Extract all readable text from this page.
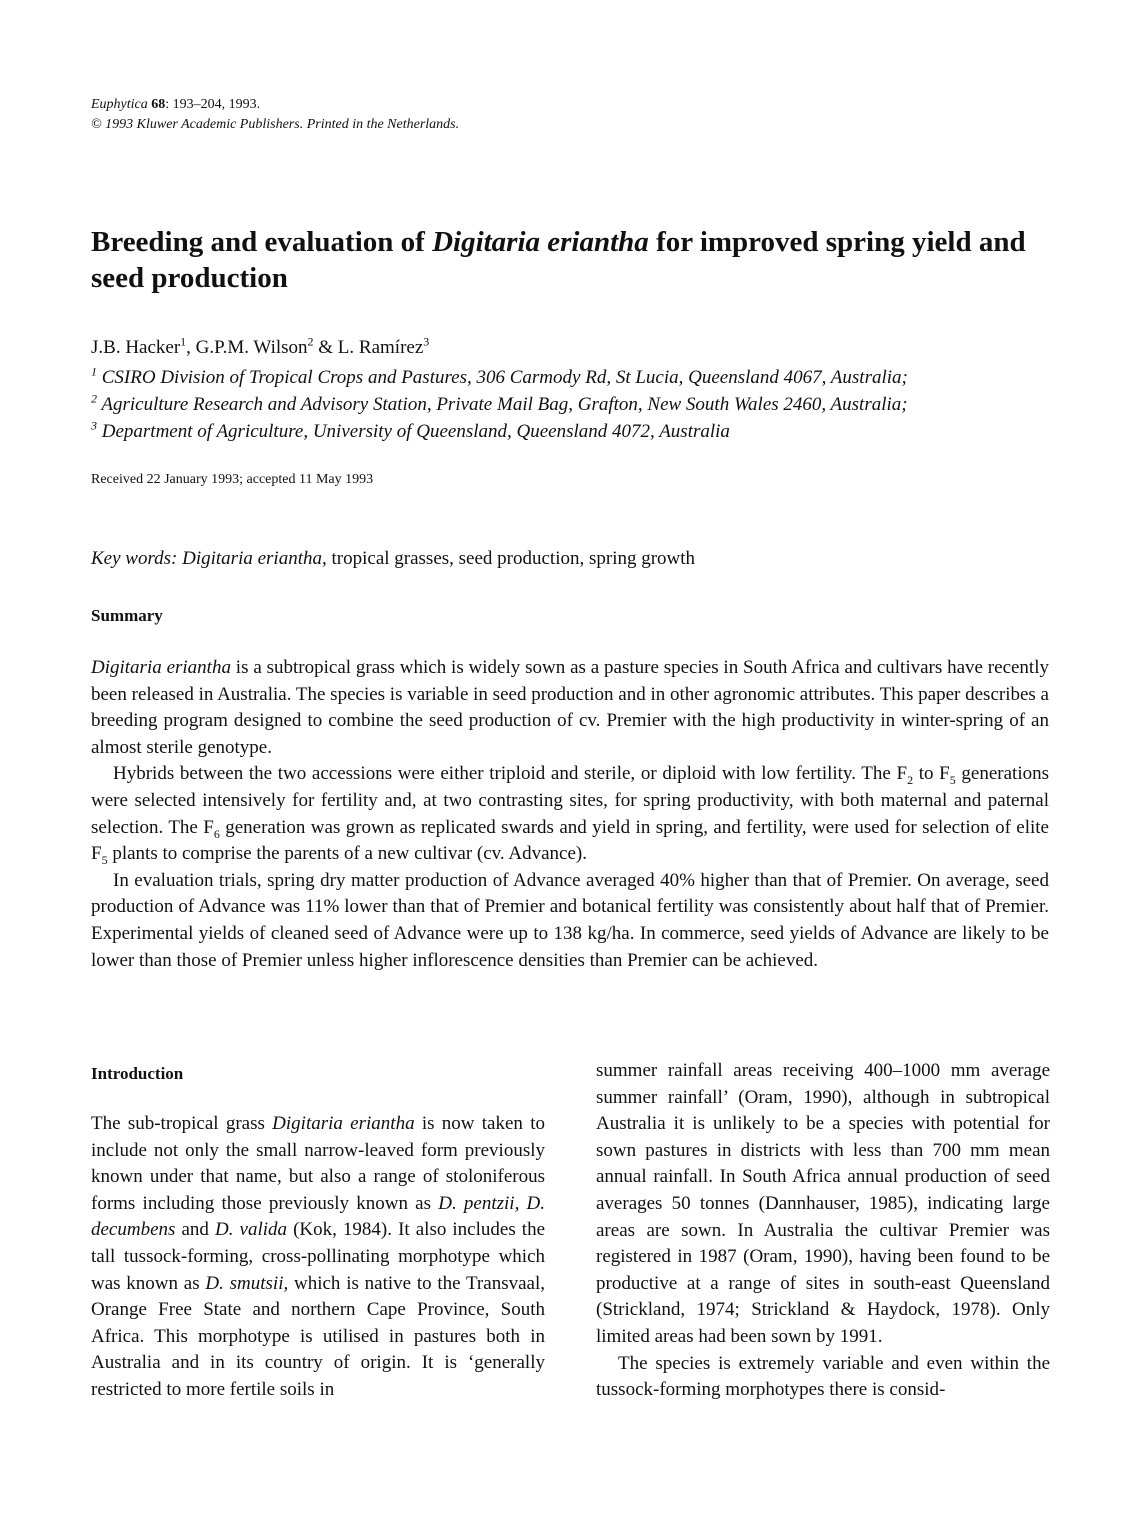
Euphytica 68: 193–204, 1993.
© 1993 Kluwer Academic Publishers. Printed in the Netherlands.
Breeding and evaluation of Digitaria eriantha for improved spring yield and seed production
J.B. Hacker$^1$, G.P.M. Wilson$^2$ & L. Ramírez$^3$
$^1$ CSIRO Division of Tropical Crops and Pastures, 306 Carmody Rd, St Lucia, Queensland 4067, Australia;
$^2$ Agriculture Research and Advisory Station, Private Mail Bag, Grafton, New South Wales 2460, Australia;
$^3$ Department of Agriculture, University of Queensland, Queensland 4072, Australia
Received 22 January 1993; accepted 11 May 1993
Key words: Digitaria eriantha, tropical grasses, seed production, spring growth
Summary

Digitaria eriantha is a subtropical grass which is widely sown as a pasture species in South Africa and cultivars have recently been released in Australia. The species is variable in seed production and in other agronomic attributes. This paper describes a breeding program designed to combine the seed production of cv. Premier with the high productivity in winter-spring of an almost sterile genotype.

Hybrids between the two accessions were either triploid and sterile, or diploid with low fertility. The $F_2$ to $F_5$ generations were selected intensively for fertility and, at two contrasting sites, for spring productivity, with both maternal and paternal selection. The $F_6$ generation was grown as replicated swards and yield in spring, and fertility, were used for selection of elite $F_5$ plants to comprise the parents of a new cultivar (cv. Advance).

In evaluation trials, spring dry matter production of Advance averaged 40% higher than that of Premier. On average, seed production of Advance was 11% lower than that of Premier and botanical fertility was consistently about half that of Premier. Experimental yields of cleaned seed of Advance were up to 138 kg/ha. In commerce, seed yields of Advance are likely to be lower than those of Premier unless higher inflorescence densities than Premier can be achieved.

Introduction

The sub-tropical grass Digitaria eriantha is now taken to include not only the small narrow-leaved form previously known under that name, but also a range of stoloniferous forms including those previously known as D. pentzii, D. decumbens and D. valida (Kok, 1984). It also includes the tall tussock-forming, cross-pollinating morphotype which was known as D. smutsii, which is native to the Transvaal, Orange Free State and northern Cape Province, South Africa. This morphotype is utilised in pastures both in Australia and in its country of origin. It is ‘generally restricted to more fertile soils in

summer rainfall areas receiving 400–1000 mm average summer rainfall’ (Oram, 1990), although in subtropical Australia it is unlikely to be a species with potential for sown pastures in districts with less than 700 mm mean annual rainfall. In South Africa annual production of seed averages 50 tonnes (Dannhauser, 1985), indicating large areas are sown. In Australia the cultivar Premier was registered in 1987 (Oram, 1990), having been found to be productive at a range of sites in south-east Queensland (Strickland, 1974; Strickland & Haydock, 1978). Only limited areas had been sown by 1991.

The species is extremely variable and even within the tussock-forming morphotypes there is consid-
